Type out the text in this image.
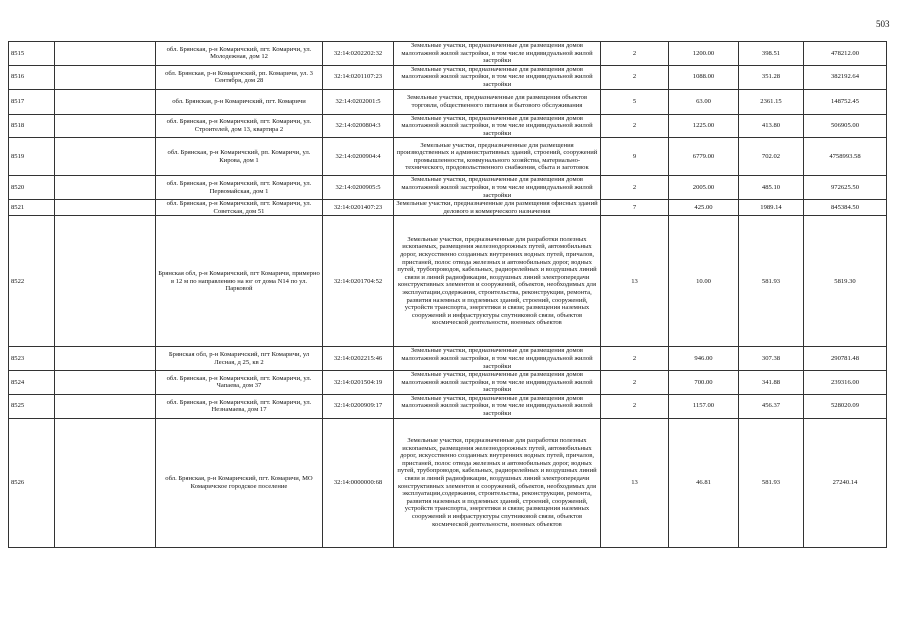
503
8515		обл. Брянская, р-н Комаричский, пгт. Комаричи, ул. Молодежная, дом 12	32:14:0202202:32	Земельные участки, предназначенные для размещения домов малоэтажной жилой застройки, в том числе индивидуальной жилой застройки	2	1200.00	398.51	478212.00
8516		обл. Брянская, р-н Комаричский, рп. Комаричи, ул. 3 Сентября, дом 28	32:14:0201107:23	Земельные участки, предназначенные для размещения домов малоэтажной жилой застройки, в том числе индивидуальной жилой застройки	2	1088.00	351.28	382192.64
8517		обл. Брянская, р-н Комаричский, пгт. Комаричи	32:14:0202001:5	Земельные участки, предназначенные для размещения объектов торговли, общественного питания и бытового обслуживания	5	63.00	2361.15	148752.45
8518		обл. Брянская, р-н Комаричский, пгт. Комаричи, ул. Строителей, дом 13, квартира 2	32:14:0200804:3	Земельные участки, предназначенные для размещения домов малоэтажной жилой застройки, в том числе индивидуальной жилой застройки	2	1225.00	413.80	506905.00
8519		обл. Брянская, р-н Комаричский, рп. Комаричи, ул. Кирова, дом 1	32:14:0200904:4	Земельные участки, предназначенные для размещения производственных и административных зданий, строений, сооружений промышленности, коммунального хозяйства, материально-технического, продовольственного снабжения, сбыта и заготовок	9	6779.00	702.02	4758993.58
8520		обл. Брянская, р-н Комаричский, пгт. Комаричи, ул. Первомайская, дом 1	32:14:0200905:5	Земельные участки, предназначенные для размещения домов малоэтажной жилой застройки, в том числе индивидуальной жилой застройки	2	2005.00	485.10	972625.50
8521		обл. Брянская, р-н Комаричский, пгт. Комаричи, ул. Советская, дом 51	32:14:0201407:23	Земельные участки, предназначенные для размещения офисных зданий делового и коммерческого назначения	7	425.00	1989.14	845384.50
8522		Брянская обл, р-н Комаричский, пгт Комаричи, примерно в 12 м по направлению на юг от дома N14 по ул. Парковой	32:14:0201704:52	Земельные участки, предназначенные для разработки полезных ископаемых, размещения железнодорожных путей, автомобильных дорог, искусственно созданных внутренних водных путей, причалов, пристаней, полос отвода железных и автомобильных дорог, водных путей, трубопроводов, кабельных, радиорелейных и воздушных линий связи и линий радиофикации, воздушных линий электропередачи конструктивных элементов и сооружений, объектов, необходимых для эксплуатации,содержания, строительства, реконструкции, ремонта, развития наземных и подземных зданий, строений, сооружений, устройств транспорта, энергетики и связи; размещения наземных сооружений и инфраструктуры спутниковой связи, объектов космической деятельности, военных объектов	13	10.00	581.93	5819.30
8523		Брянская обл, р-н Комаричский, пгт Комаричи, ул Лесная, д 25, кв 2	32:14:0202215:46	Земельные участки, предназначенные для размещения домов малоэтажной жилой застройки, в том числе индивидуальной жилой застройки	2	946.00	307.38	290781.48
8524		обл. Брянская, р-н Комаричский, пгт. Комаричи, ул. Чапаева, дом 37	32:14:0201504:19	Земельные участки, предназначенные для размещения домов малоэтажной жилой застройки, в том числе индивидуальной жилой застройки	2	700.00	341.88	239316.00
8525		обл. Брянская, р-н Комаричский, пгт. Комаричи, ул. Незнамаева, дом 17	32:14:0200909:17	Земельные участки, предназначенные для размещения домов малоэтажной жилой застройки, в том числе индивидуальной жилой застройки	2	1157.00	456.37	528020.09
8526		обл. Брянская, р-н Комаричский, пгт. Комаричи, МО Комаричское городское поселение	32:14:0000000:68	Земельные участки, предназначенные для разработки полезных ископаемых, размещения железнодорожных путей, автомобильных дорог, искусственно созданных внутренних водных путей, причалов, пристаней, полос отвода железных и автомобильных дорог, водных путей, трубопроводов, кабельных, радиорелейных и воздушных линий связи и линий радиофикации, воздушных линий электропередачи конструктивных элементов и сооружений, объектов, необходимых для эксплуатации,содержания, строительства, реконструкции, ремонта, развития наземных и подземных зданий, строений, сооружений, устройств транспорта, энергетики и связи; размещения наземных сооружений и инфраструктуры спутниковой связи, объектов космической деятельности, военных объектов	13	46.81	581.93	27240.14
